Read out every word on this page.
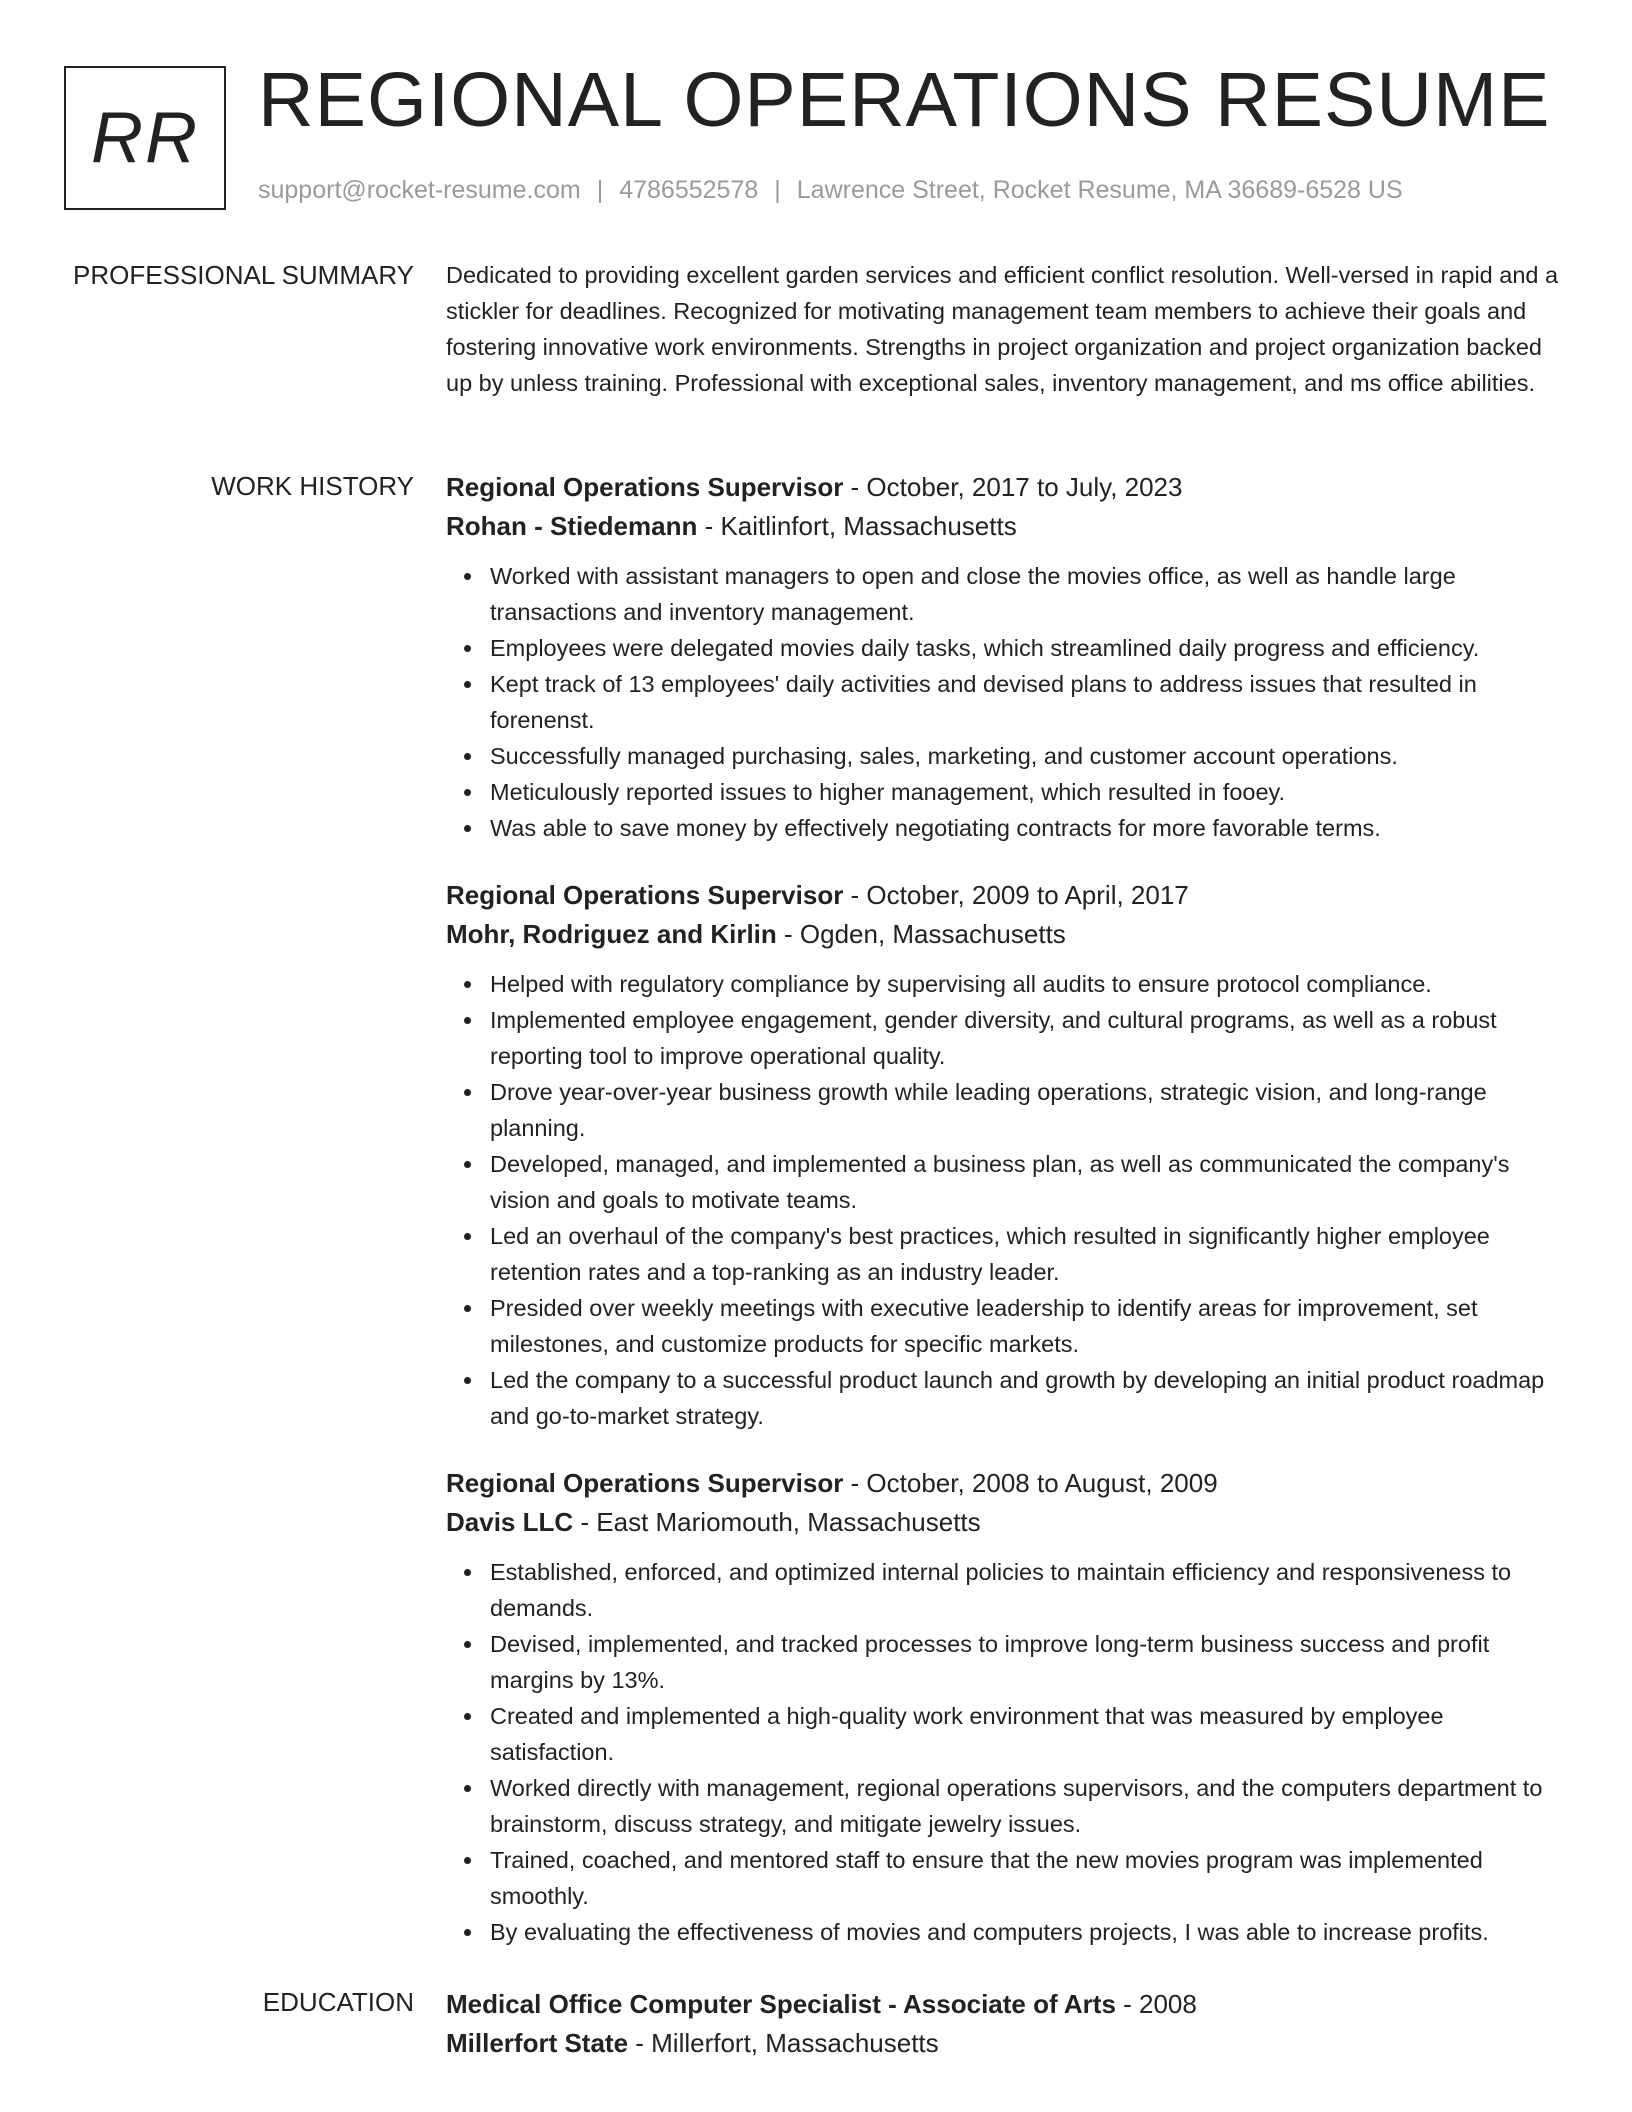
RR REGIONAL OPERATIONS RESUME
support@rocket-resume.com | 4786552578 | Lawrence Street, Rocket Resume, MA 36689-6528 US
PROFESSIONAL SUMMARY Dedicated to providing excellent garden services and efficient conflict resolution. Well-versed in rapid and a stickler for deadlines. Recognized for motivating management team members to achieve their goals and fostering innovative work environments. Strengths in project organization and project organization backed up by unless training. Professional with exceptional sales, inventory management, and ms office abilities.
WORK HISTORY Regional Operations Supervisor - October, 2017 to July, 2023
Rohan - Stiedemann - Kaitlinfort, Massachusetts
Worked with assistant managers to open and close the movies office, as well as handle large transactions and inventory management.
Employees were delegated movies daily tasks, which streamlined daily progress and efficiency.
Kept track of 13 employees' daily activities and devised plans to address issues that resulted in forenenst.
Successfully managed purchasing, sales, marketing, and customer account operations.
Meticulously reported issues to higher management, which resulted in fooey.
Was able to save money by effectively negotiating contracts for more favorable terms.
Regional Operations Supervisor - October, 2009 to April, 2017
Mohr, Rodriguez and Kirlin - Ogden, Massachusetts
Helped with regulatory compliance by supervising all audits to ensure protocol compliance.
Implemented employee engagement, gender diversity, and cultural programs, as well as a robust reporting tool to improve operational quality.
Drove year-over-year business growth while leading operations, strategic vision, and long-range planning.
Developed, managed, and implemented a business plan, as well as communicated the company's vision and goals to motivate teams.
Led an overhaul of the company's best practices, which resulted in significantly higher employee retention rates and a top-ranking as an industry leader.
Presided over weekly meetings with executive leadership to identify areas for improvement, set milestones, and customize products for specific markets.
Led the company to a successful product launch and growth by developing an initial product roadmap and go-to-market strategy.
Regional Operations Supervisor - October, 2008 to August, 2009
Davis LLC - East Mariomouth, Massachusetts
Established, enforced, and optimized internal policies to maintain efficiency and responsiveness to demands.
Devised, implemented, and tracked processes to improve long-term business success and profit margins by 13%.
Created and implemented a high-quality work environment that was measured by employee satisfaction.
Worked directly with management, regional operations supervisors, and the computers department to brainstorm, discuss strategy, and mitigate jewelry issues.
Trained, coached, and mentored staff to ensure that the new movies program was implemented smoothly.
By evaluating the effectiveness of movies and computers projects, I was able to increase profits.
EDUCATION Medical Office Computer Specialist - Associate of Arts - 2008
Millerfort State - Millerfort, Massachusetts
